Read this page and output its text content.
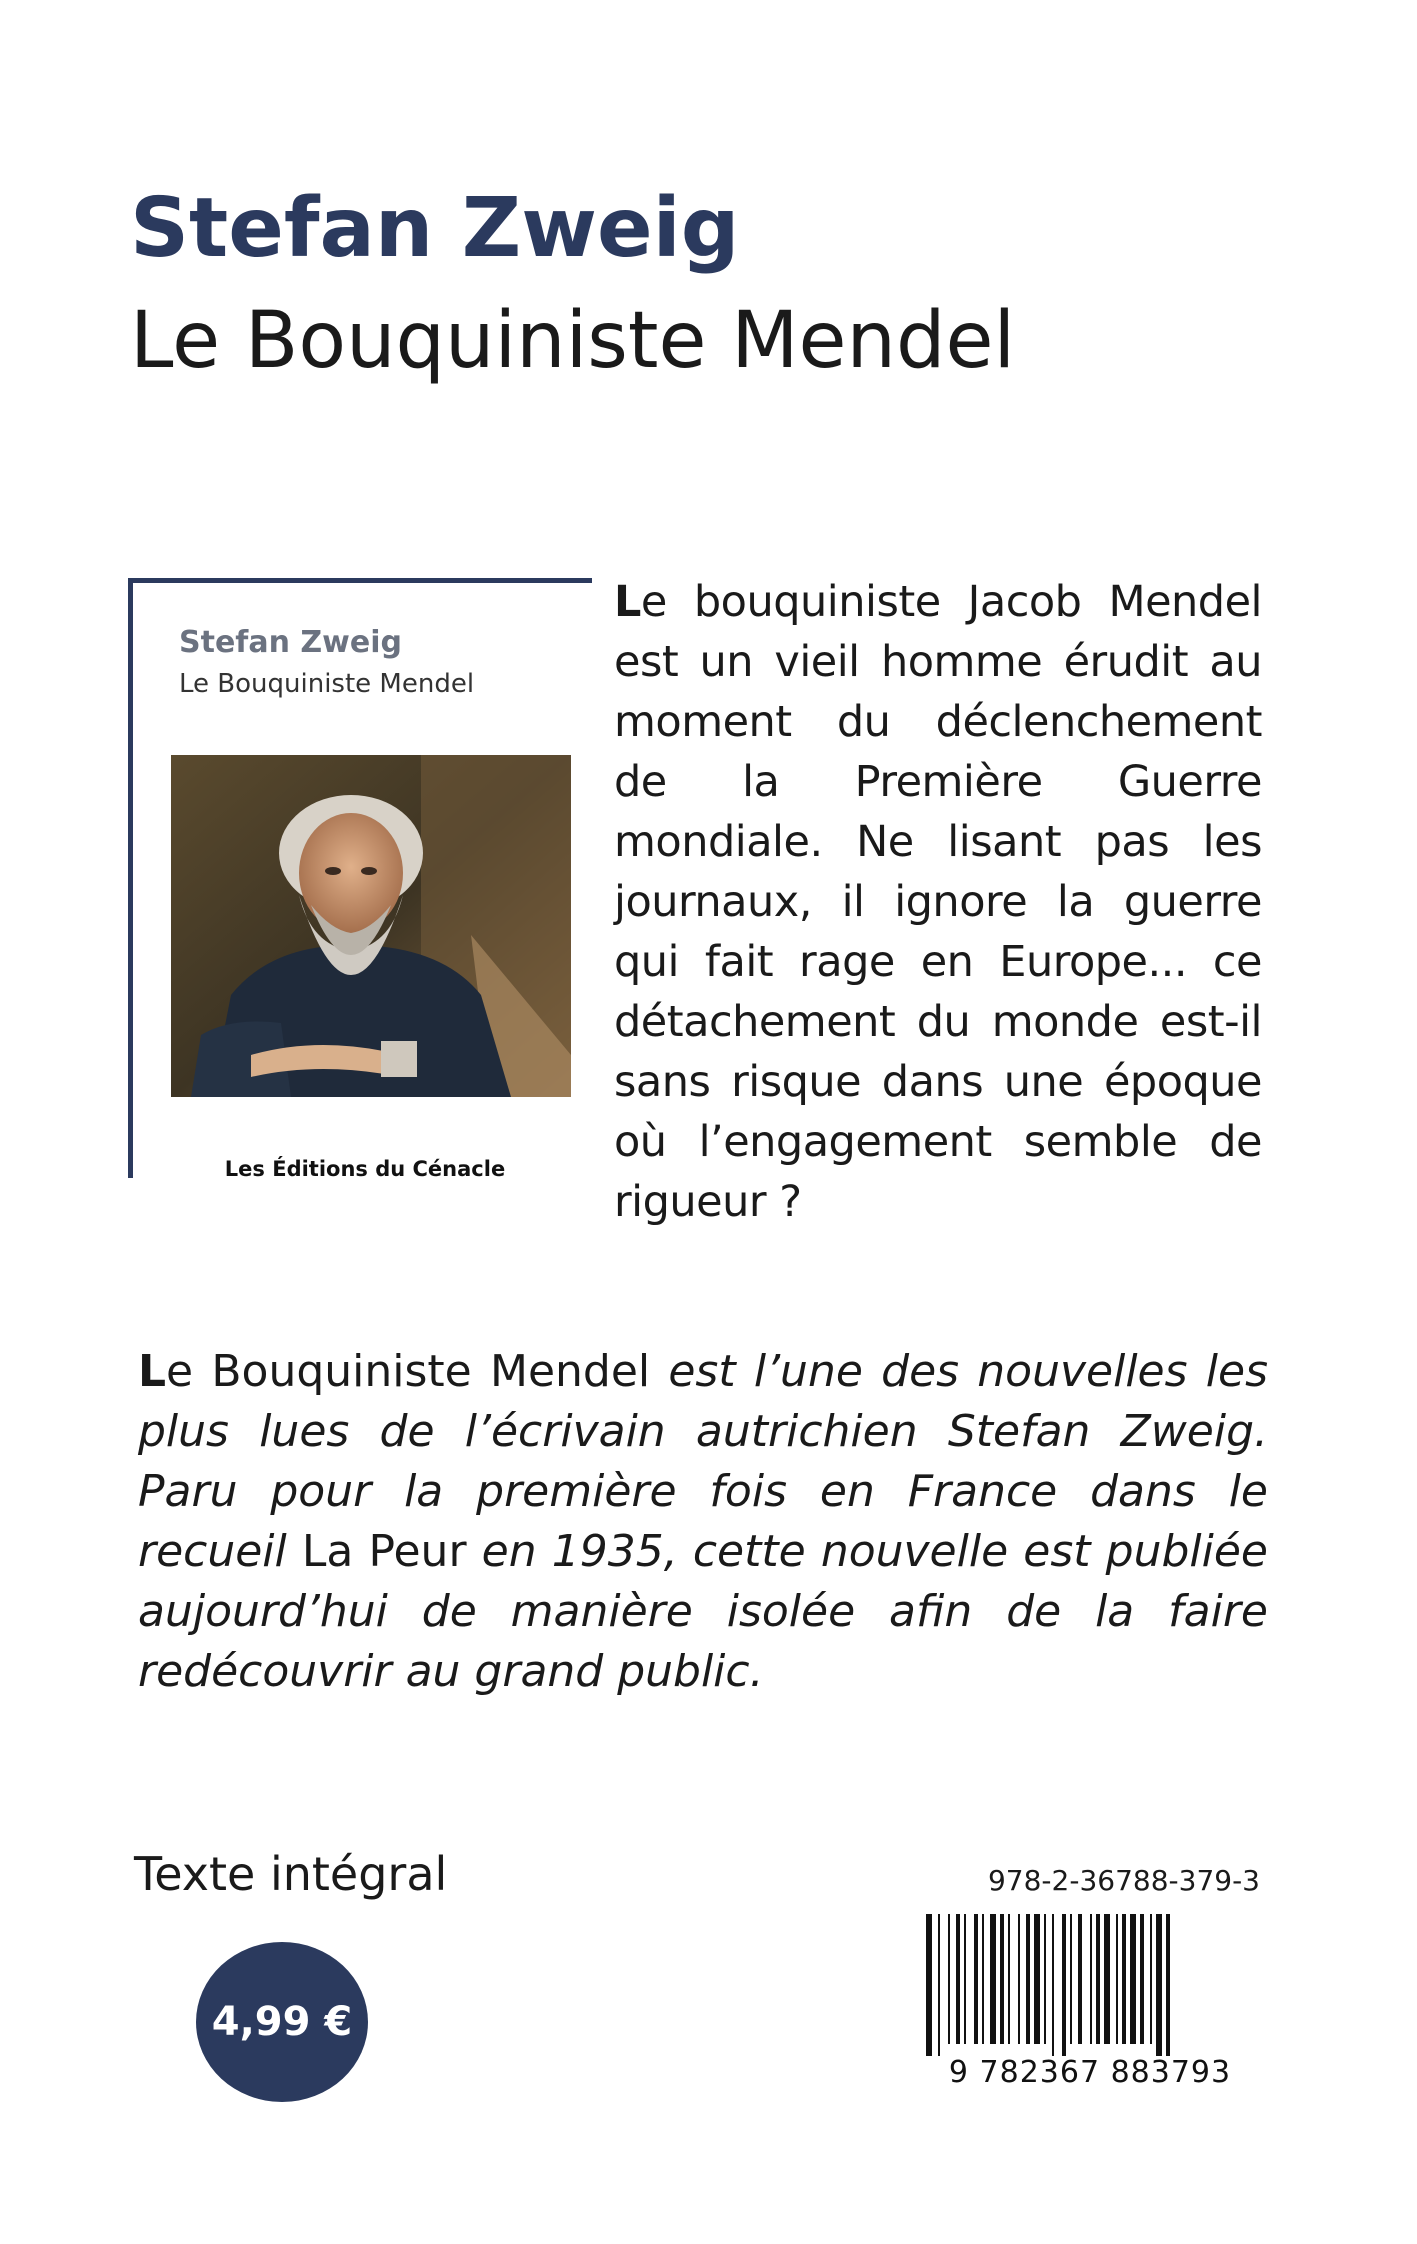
Stefan Zweig
Le Bouquiniste Mendel
Stefan Zweig
Le Bouquiniste Mendel
Les Éditions du Cénacle

Le bouquiniste Jacob Mendel est un vieil homme érudit au moment du déclenchement de la Première Guerre mondiale. Ne lisant pas les journaux, il ignore la guerre qui fait rage en Europe... ce détachement du monde est-il sans risque dans une époque où l’engagement semble de rigueur ?

Le Bouquiniste Mendel est l’une des nouvelles les plus lues de l’écrivain autrichien Stefan Zweig. Paru pour la première fois en France dans le recueil La Peur en 1935, cette nouvelle est publiée aujourd’hui de manière isolée afin de la faire redécouvrir au grand public.

Texte intégral
4,99 €
978-2-36788-379-3
9 782367 883793
